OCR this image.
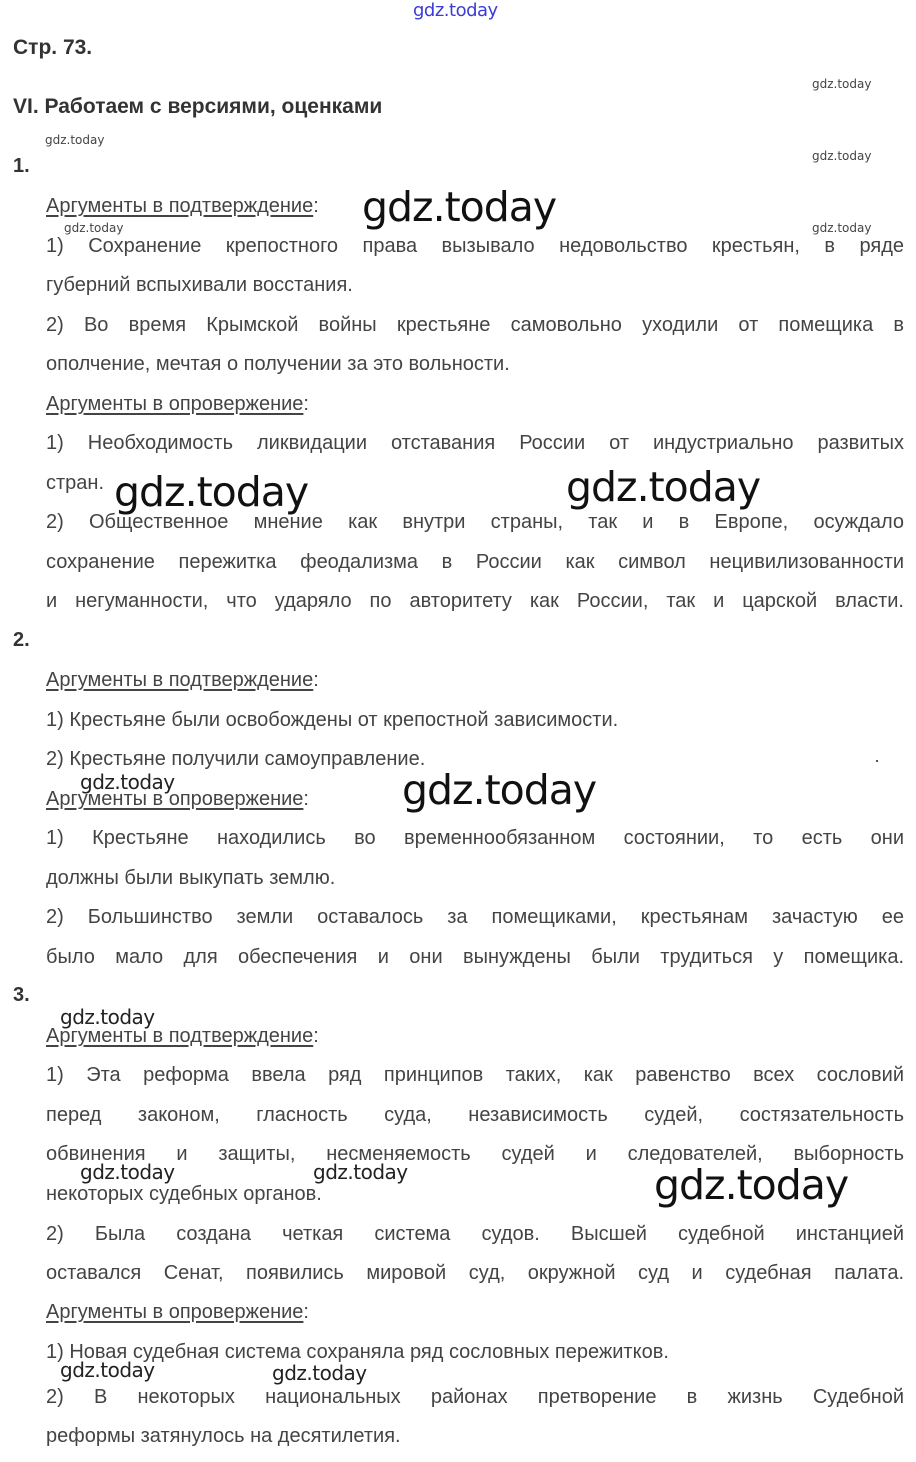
gdz.today
Стр. 73.
VI. Работаем с версиями, оценками
1.
Аргументы в подтверждение:
1) Сохранение крепостного права вызывало недовольство крестьян, в ряде
губерний вспыхивали восстания.
2) Во время Крымской войны крестьяне самовольно уходили от помещика в
ополчение, мечтая о получении за это вольности.
Аргументы в опровержение:
1) Необходимость ликвидации отставания России от индустриально развитых
стран.
2) Общественное мнение как внутри страны, так и в Европе, осуждало
сохранение пережитка феодализма в России как символ нецивилизованности
и негуманности, что ударяло по авторитету как России, так и царской власти.
2.
Аргументы в подтверждение:
1) Крестьяне были освобождены от крепостной зависимости.
2) Крестьяне получили самоуправление.
Аргументы в опровержение:
1) Крестьяне находились во временнообязанном состоянии, то есть они
должны были выкупать землю.
2) Большинство земли оставалось за помещиками, крестьянам зачастую ее
было мало для обеспечения и они вынуждены были трудиться у помещика.
3.
Аргументы в подтверждение:
1) Эта реформа ввела ряд принципов таких, как равенство всех сословий
перед законом, гласность суда, независимость судей, состязательность
обвинения и защиты, несменяемость судей и следователей, выборность
некоторых судебных органов.
2) Была создана четкая система судов. Высшей судебной инстанцией
оставался Сенат, появились мировой суд, окружной суд и судебная палата.
Аргументы в опровержение:
1) Новая судебная система сохраняла ряд сословных пережитков.
2) В некоторых национальных районах претворение в жизнь Судебной
реформы затянулось на десятилетия.
gdz.today
gdz.today
gdz.today
gdz.today	gdz.today
gdz.today
gdz.today	gdz.today
gdz.today	gdz.today
gdz.today
gdz.today	gdz.today	gdz.today
gdz.today	gdz.today
